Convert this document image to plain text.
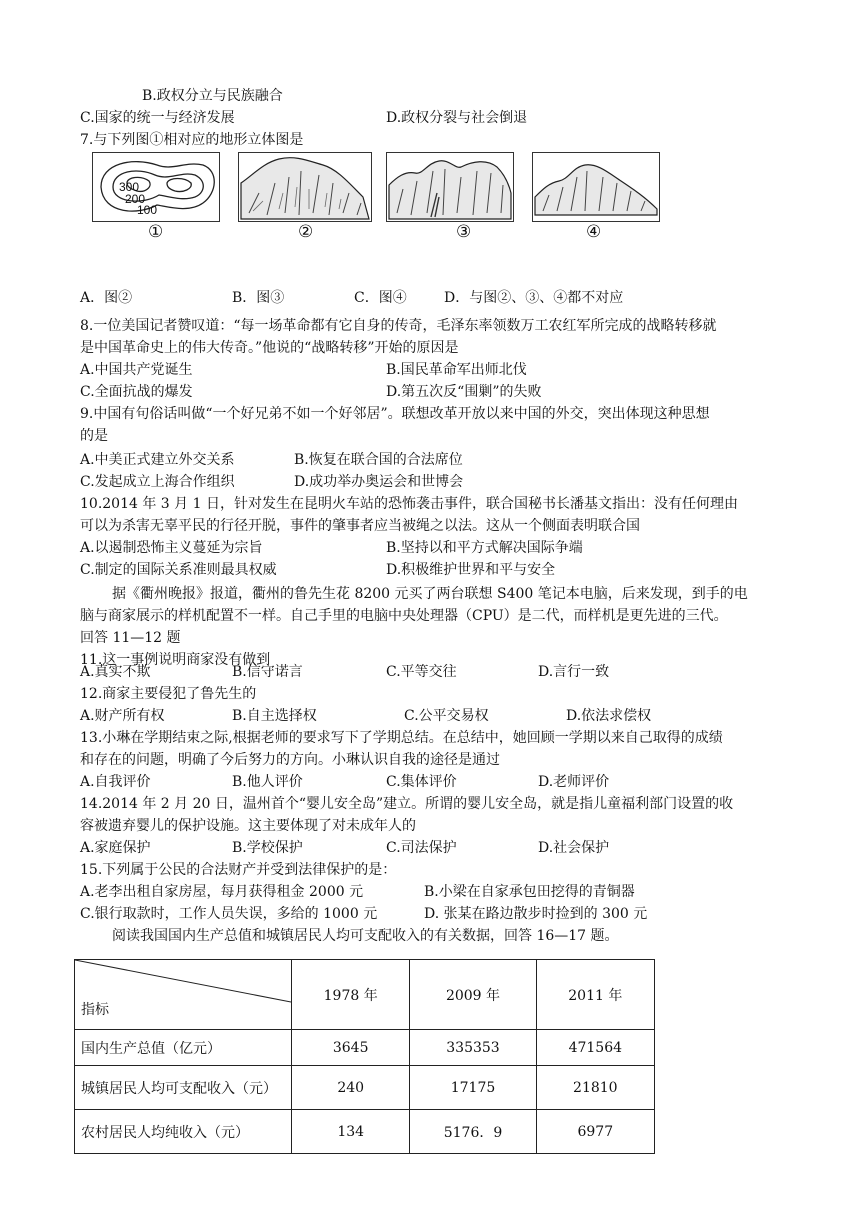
B.政权分立与民族融合
C.国家的统一与经济发展	D.政权分裂与社会倒退
7.与下列图①相对应的地形立体图是
300
200
100
①	②	③	④
A．图②	B．图③	C．图④	D．与图②、③、④都不对应
8.一位美国记者赞叹道：“每一场革命都有它自身的传奇，毛泽东率领数万工农红军所完成的战略转移就
是中国革命史上的伟大传奇。”他说的“战略转移”开始的原因是
A.中国共产党诞生	B.国民革命军出师北伐
C.全面抗战的爆发	D.第五次反“围剿”的失败
9.中国有句俗话叫做“一个好兄弟不如一个好邻居”。联想改革开放以来中国的外交，突出体现这种思想
的是
A.中美正式建立外交关系	B.恢复在联合国的合法席位
C.发起成立上海合作组织	D.成功举办奥运会和世博会
10.2014 年 3 月 1 日，针对发生在昆明火车站的恐怖袭击事件，联合国秘书长潘基文指出：没有任何理由
可以为杀害无辜平民的行径开脱，事件的肇事者应当被绳之以法。这从一个侧面表明联合国
A.以遏制恐怖主义蔓延为宗旨	B.坚持以和平方式解决国际争端
C.制定的国际关系准则最具权威	D.积极维护世界和平与安全
据《衢州晚报》报道，衢州的鲁先生花 8200 元买了两台联想 S400 笔记本电脑，后来发现，到手的电
脑与商家展示的样机配置不一样。自己手里的电脑中央处理器（CPU）是二代，而样机是更先进的三代。
回答 11—12 题
11.这一事例说明商家没有做到
A.真实不欺	B.信守诺言	C.平等交往	D.言行一致
12.商家主要侵犯了鲁先生的
A.财产所有权	B.自主选择权	C.公平交易权	D.依法求偿权
13.小琳在学期结束之际,根据老师的要求写下了学期总结。在总结中，她回顾一学期以来自己取得的成绩
和存在的问题，明确了今后努力的方向。小琳认识自我的途径是通过
A.自我评价	B.他人评价	C.集体评价	D.老师评价
14.2014 年 2 月 20 日，温州首个“婴儿安全岛”建立。所谓的婴儿安全岛，就是指儿童福利部门设置的收
容被遗弃婴儿的保护设施。这主要体现了对未成年人的
A.家庭保护	B.学校保护	C.司法保护	D.社会保护
15.下列属于公民的合法财产并受到法律保护的是：
A.老李出租自家房屋，每月获得租金 2000 元	B.小梁在自家承包田挖得的青铜器
C.银行取款时，工作人员失误，多给的 1000 元	D. 张某在路边散步时捡到的 300 元
阅读我国国内生产总值和城镇居民人均可支配收入的有关数据，回答 16—17 题。
指标	1978 年	2009 年	2011 年
国内生产总值（亿元）	3645	335353	471564
城镇居民人均可支配收入（元）	240	17175	21810
农村居民人均纯收入（元）	134	5176．9	6977
